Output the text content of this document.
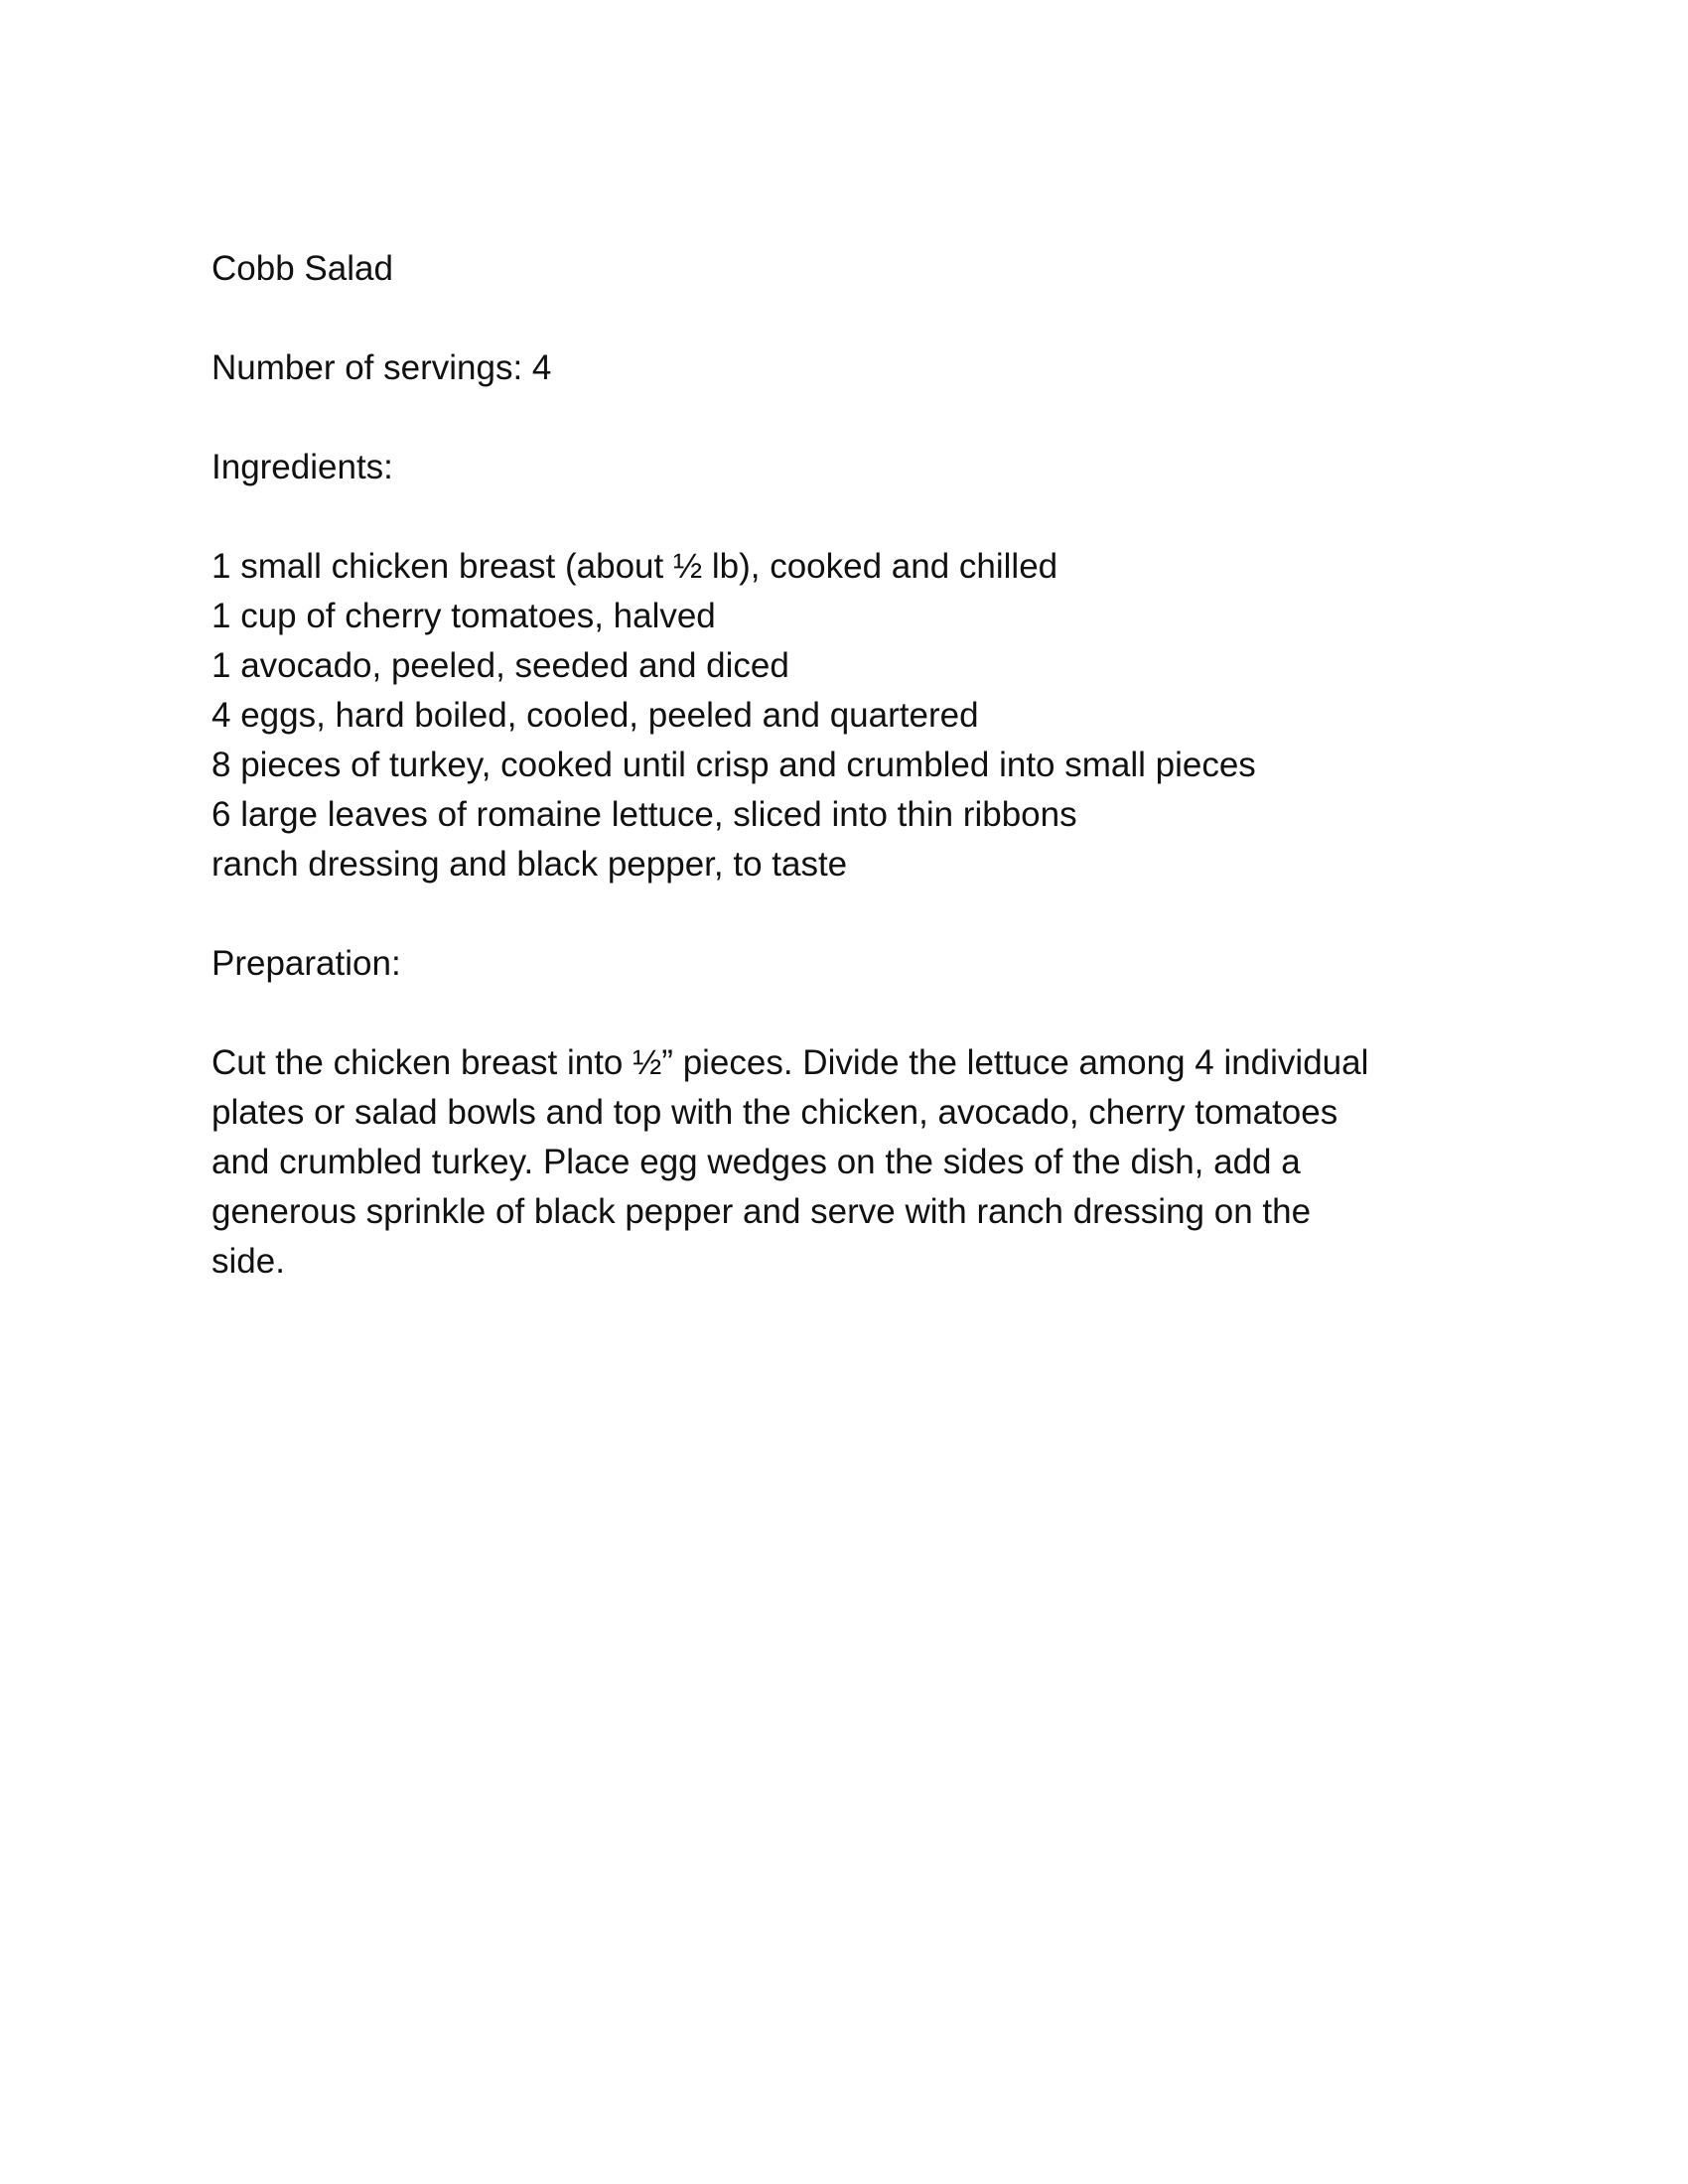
Cobb Salad

Number of servings: 4

Ingredients:

1 small chicken breast (about ½ lb), cooked and chilled

1 cup of cherry tomatoes, halved

1 avocado, peeled, seeded and diced

4 eggs, hard boiled, cooled, peeled and quartered

8 pieces of turkey, cooked until crisp and crumbled into small pieces

6 large leaves of romaine lettuce, sliced into thin ribbons

ranch dressing and black pepper, to taste

Preparation:

Cut the chicken breast into ½” pieces. Divide the lettuce among 4 individual

plates or salad bowls and top with the chicken, avocado, cherry tomatoes

and crumbled turkey. Place egg wedges on the sides of the dish, add a

generous sprinkle of black pepper and serve with ranch dressing on the

side.
